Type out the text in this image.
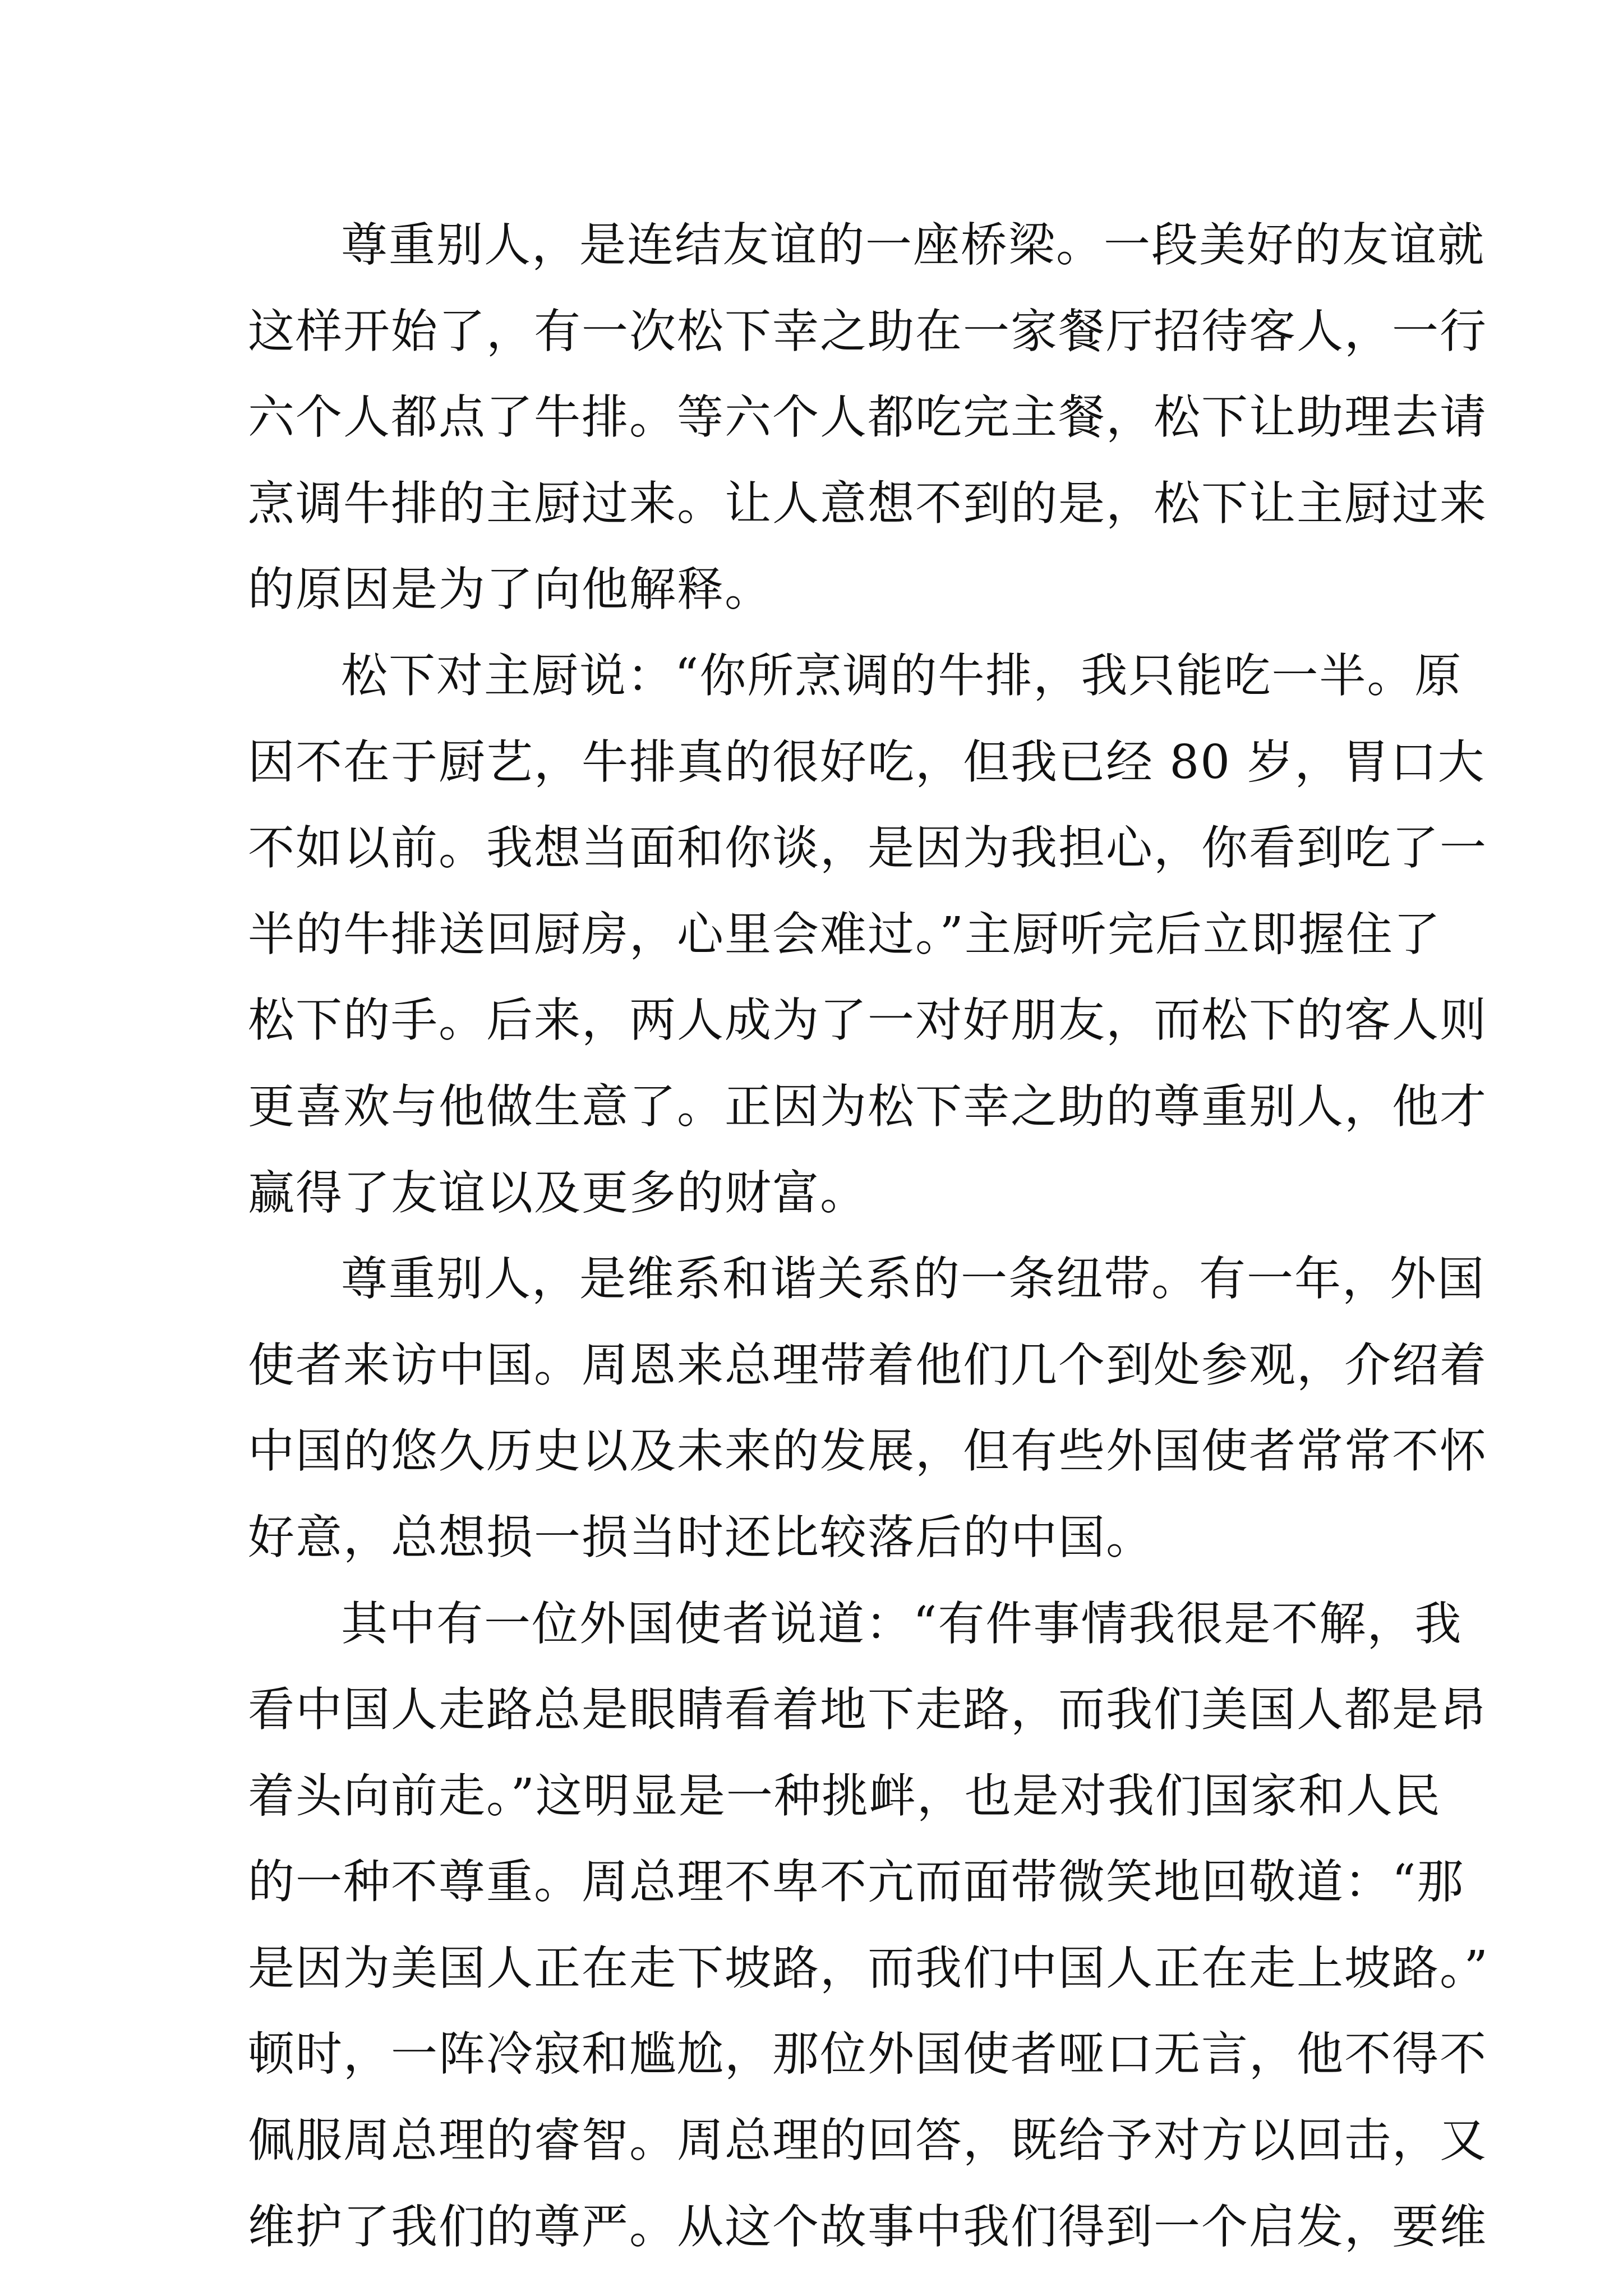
尊重别人，是连结友谊的一座桥梁。一段美好的友谊就
这样开始了，有一次松下幸之助在一家餐厅招待客人，一行
六个人都点了牛排。等六个人都吃完主餐，松下让助理去请
烹调牛排的主厨过来。让人意想不到的是，松下让主厨过来
的原因是为了向他解释。
松下对主厨说：“你所烹调的牛排，我只能吃一半。原
因不在于厨艺，牛排真的很好吃，但我已经 80 岁，胃口大
不如以前。我想当面和你谈，是因为我担心，你看到吃了一
半的牛排送回厨房，心里会难过。”主厨听完后立即握住了
松下的手。后来，两人成为了一对好朋友，而松下的客人则
更喜欢与他做生意了。正因为松下幸之助的尊重别人，他才
赢得了友谊以及更多的财富。
尊重别人，是维系和谐关系的一条纽带。有一年，外国
使者来访中国。周恩来总理带着他们几个到处参观，介绍着
中国的悠久历史以及未来的发展，但有些外国使者常常不怀
好意，总想损一损当时还比较落后的中国。
其中有一位外国使者说道：“有件事情我很是不解，我
看中国人走路总是眼睛看着地下走路，而我们美国人都是昂
着头向前走。”这明显是一种挑衅，也是对我们国家和人民
的一种不尊重。周总理不卑不亢而面带微笑地回敬道：“那
是因为美国人正在走下坡路，而我们中国人正在走上坡路。”
顿时，一阵冷寂和尴尬，那位外国使者哑口无言，他不得不
佩服周总理的睿智。周总理的回答，既给予对方以回击，又
维护了我们的尊严。从这个故事中我们得到一个启发，要维
